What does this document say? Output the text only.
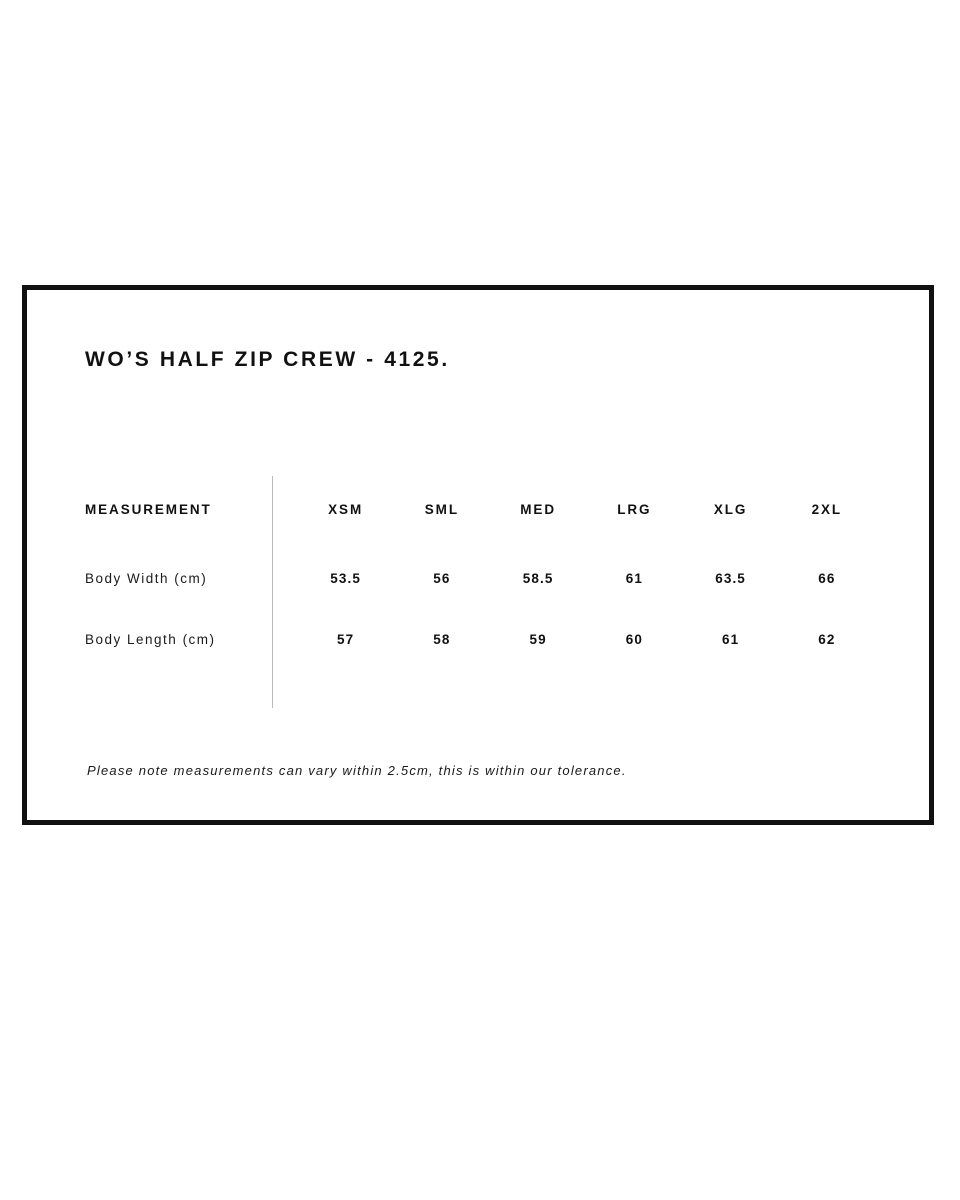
WO’S HALF ZIP CREW - 4125.
MEASUREMENT	XSM	SML	MED	LRG	XLG	2XL
Body Width (cm)	53.5	56	58.5	61	63.5	66
Body Length (cm)	57	58	59	60	61	62
Please note measurements can vary within 2.5cm, this is within our tolerance.
